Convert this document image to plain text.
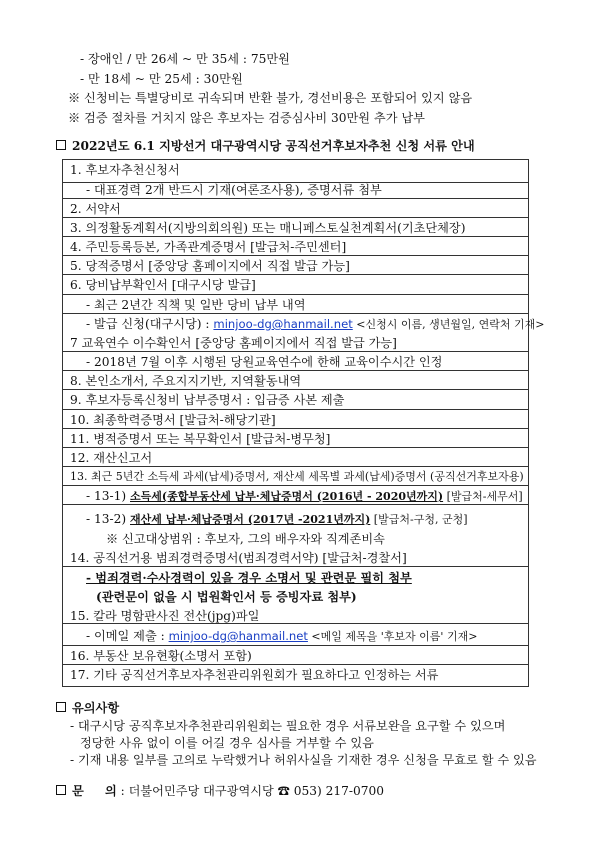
- 장애인 / 만 26세 ~ 만 35세 : 75만원
- 만 18세 ~ 만 25세 : 30만원
※ 신청비는 특별당비로 귀속되며 반환 불가, 경선비용은 포함되어 있지 않음
※ 검증 절차를 거치지 않은 후보자는 검증심사비 30만원 추가 납부
2022년도 6.1 지방선거 대구광역시당 공직선거후보자추천 신청 서류 안내
1. 후보자추천신청서
- 대표경력 2개 반드시 기재(여론조사용), 증명서류 첨부
2. 서약서
3. 의정활동계획서(지방의회의원) 또는 매니페스토실천계획서(기초단체장)
4. 주민등록등본, 가족관계증명서 [발급처-주민센터]
5. 당적증명서 [중앙당 홈페이지에서 직접 발급 가능]
6. 당비납부확인서 [대구시당 발급]
- 최근 2년간 직책 및 일반 당비 납부 내역
- 발급 신청(대구시당) : minjoo-dg@hanmail.net <신청시 이름, 생년월일, 연락처 기재>
7 교육연수 이수확인서 [중앙당 홈페이지에서 직접 발급 가능]
- 2018년 7월 이후 시행된 당원교육연수에 한해 교육이수시간 인정
8. 본인소개서, 주요지지기반, 지역활동내역
9. 후보자등록신청비 납부증명서 : 입금증 사본 제출
10. 최종학력증명서 [발급처-해당기관]
11. 병적증명서 또는 복무확인서 [발급처-병무청]
12. 재산신고서
13. 최근 5년간 소득세 과세(납세)증명서, 재산세 세목별 과세(납세)증명서 (공직선거후보자용)
- 13-1) 소득세(종합부동산세 납부·체납증명서 (2016년 - 2020년까지) [발급처-세무서]
- 13-2) 재산세 납부·체납증명서 (2017년 -2021년까지) [발급처-구청, 군청]
※ 신고대상범위 : 후보자, 그의 배우자와 직계존비속
14. 공직선거용 범죄경력증명서(범죄경력서약) [발급처-경찰서]
- 범죄경력·수사경력이 있을 경우 소명서 및 관련문 필히 첨부
(관련문이 없을 시 법원확인서 등 증빙자료 첨부)
15. 칼라 명함판사진 전산(jpg)파일
- 이메일 제출 : minjoo-dg@hanmail.net <메일 제목을 '후보자 이름' 기재>
16. 부동산 보유현황(소명서 포함)
17. 기타 공직선거후보자추천관리위원회가 필요하다고 인정하는 서류
유의사항
- 대구시당 공직후보자추천관리위원회는 필요한 경우 서류보완을 요구할 수 있으며
정당한 사유 없이 이를 어길 경우 심사를 거부할 수 있음
- 기재 내용 일부를 고의로 누락했거나 허위사실을 기재한 경우 신청을 무효로 할 수 있음
문     의 : 더불어민주당 대구광역시당 ☎ 053) 217-0700
